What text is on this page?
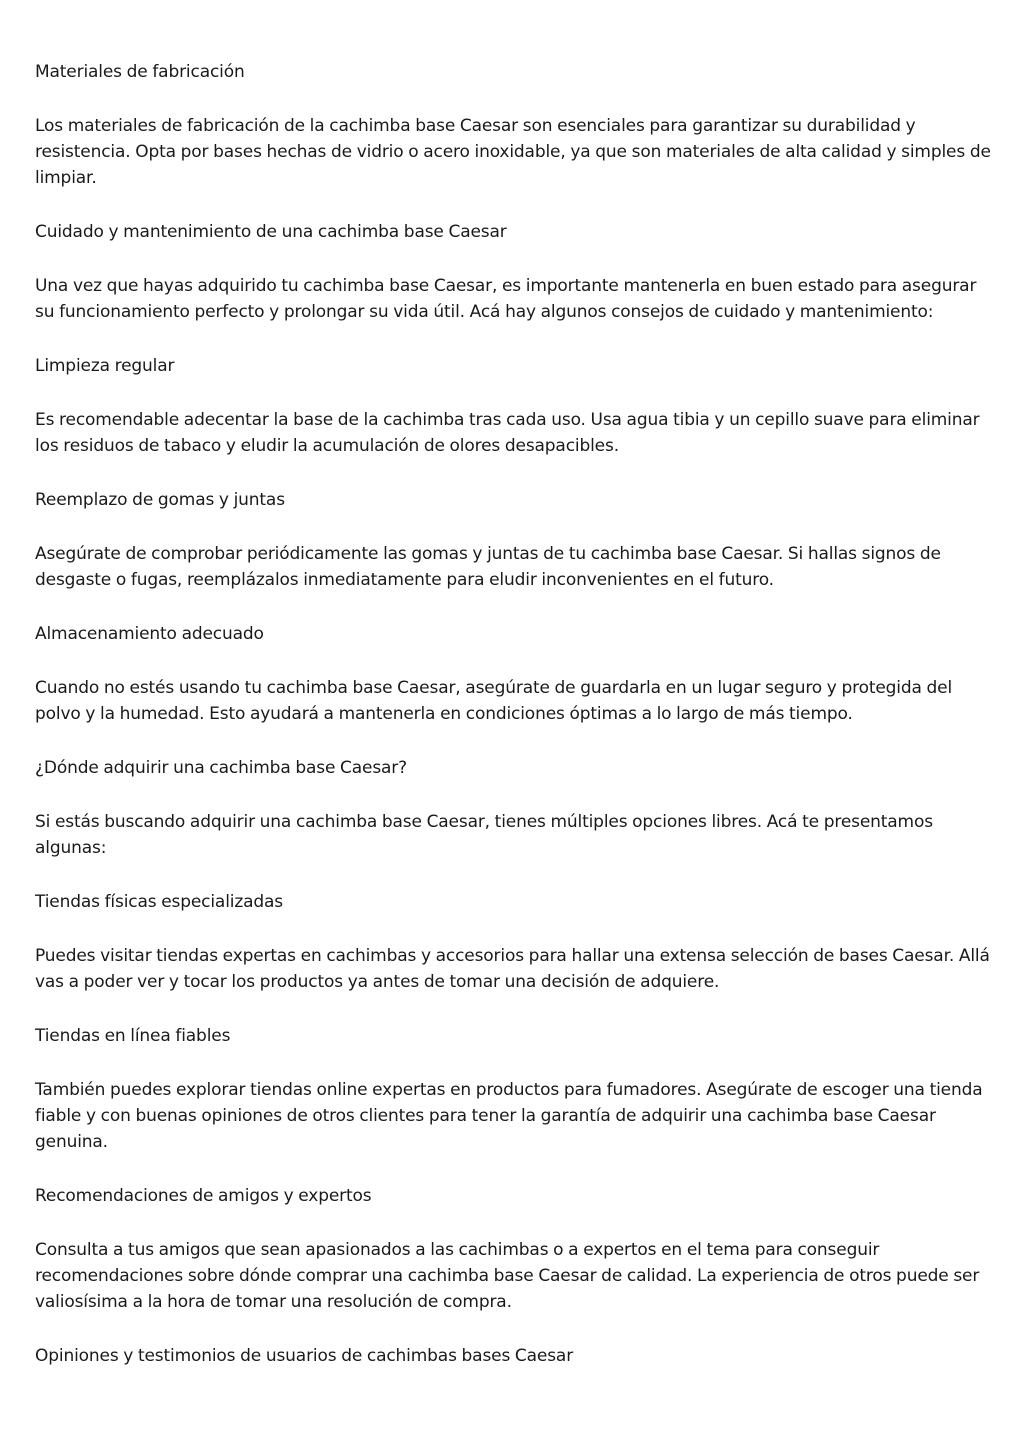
Materiales de fabricación

Los materiales de fabricación de la cachimba base Caesar son esenciales para garantizar su durabilidad y resistencia. Opta por bases hechas de vidrio o acero inoxidable, ya que son materiales de alta calidad y simples de limpiar.

Cuidado y mantenimiento de una cachimba base Caesar

Una vez que hayas adquirido tu cachimba base Caesar, es importante mantenerla en buen estado para asegurar su funcionamiento perfecto y prolongar su vida útil. Acá hay algunos consejos de cuidado y mantenimiento:

Limpieza regular

Es recomendable adecentar la base de la cachimba tras cada uso. Usa agua tibia y un cepillo suave para eliminar los residuos de tabaco y eludir la acumulación de olores desapacibles.

Reemplazo de gomas y juntas

Asegúrate de comprobar periódicamente las gomas y juntas de tu cachimba base Caesar. Si hallas signos de desgaste o fugas, reemplázalos inmediatamente para eludir inconvenientes en el futuro.

Almacenamiento adecuado

Cuando no estés usando tu cachimba base Caesar, asegúrate de guardarla en un lugar seguro y protegida del polvo y la humedad. Esto ayudará a mantenerla en condiciones óptimas a lo largo de más tiempo.

¿Dónde adquirir una cachimba base Caesar?

Si estás buscando adquirir una cachimba base Caesar, tienes múltiples opciones libres. Acá te presentamos algunas:

Tiendas físicas especializadas

Puedes visitar tiendas expertas en cachimbas y accesorios para hallar una extensa selección de bases Caesar. Allá vas a poder ver y tocar los productos ya antes de tomar una decisión de adquiere.

Tiendas en línea fiables

También puedes explorar tiendas online expertas en productos para fumadores. Asegúrate de escoger una tienda fiable y con buenas opiniones de otros clientes para tener la garantía de adquirir una cachimba base Caesar genuina.

Recomendaciones de amigos y expertos

Consulta a tus amigos que sean apasionados a las cachimbas o a expertos en el tema para conseguir recomendaciones sobre dónde comprar una cachimba base Caesar de calidad. La experiencia de otros puede ser valiosísima a la hora de tomar una resolución de compra.

Opiniones y testimonios de usuarios de cachimbas bases Caesar
